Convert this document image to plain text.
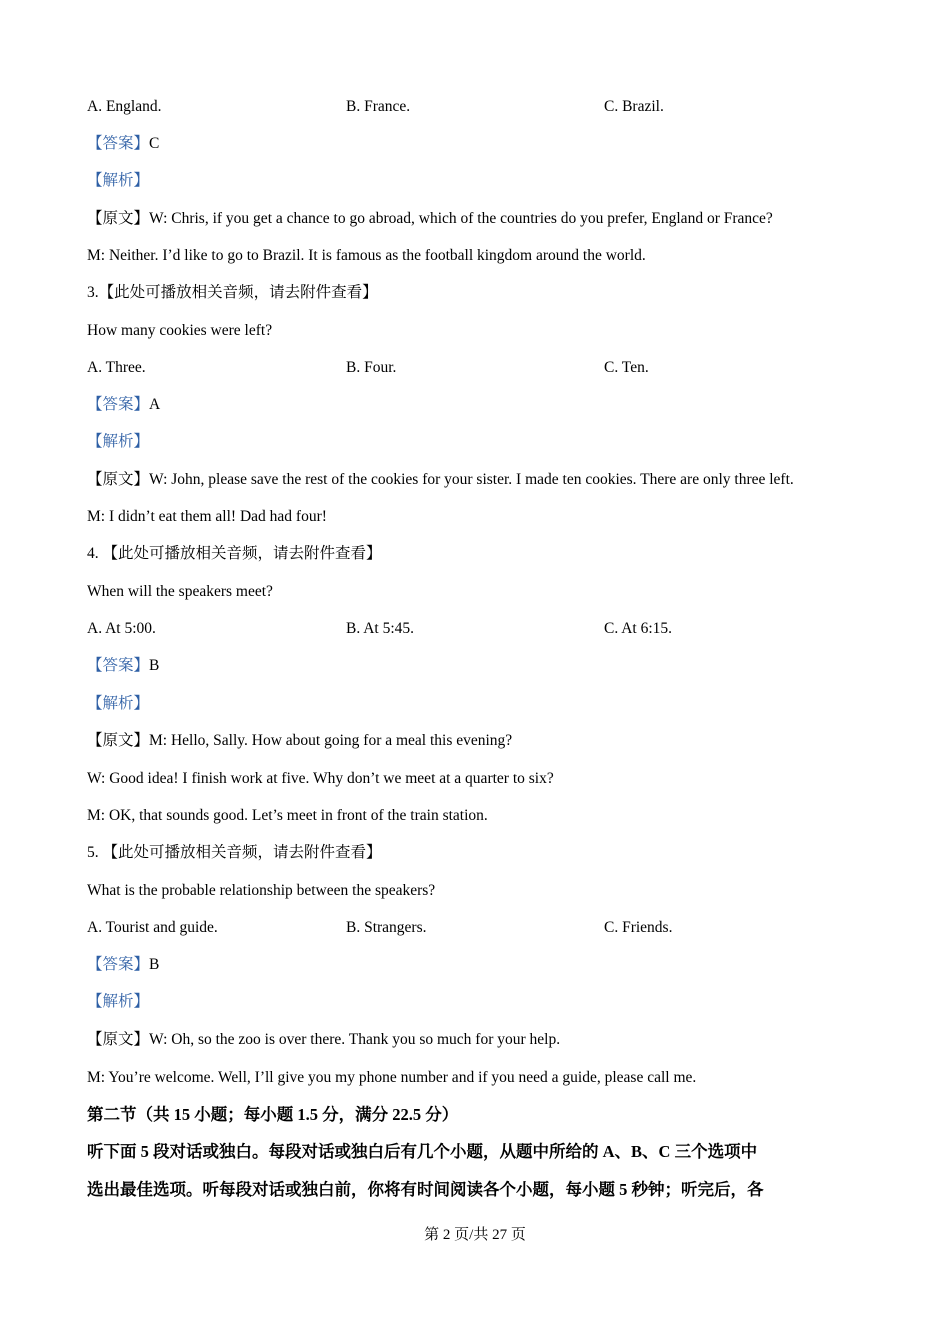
A. England.	B. France.	C. Brazil.
【答案】C
【解析】
【原文】W: Chris, if you get a chance to go abroad, which of the countries do you prefer, England or France?
M: Neither. I’d like to go to Brazil. It is famous as the football kingdom around the world.
3.【此处可播放相关音频，请去附件查看】
How many cookies were left?
A. Three.	B. Four.	C. Ten.
【答案】A
【解析】
【原文】W: John, please save the rest of the cookies for your sister. I made ten cookies. There are only three left.
M: I didn’t eat them all! Dad had four!
4. 【此处可播放相关音频，请去附件查看】
When will the speakers meet?
A. At 5:00.	B. At 5:45.	C. At 6:15.
【答案】B
【解析】
【原文】M: Hello, Sally. How about going for a meal this evening?
W: Good idea! I finish work at five. Why don’t we meet at a quarter to six?
M: OK, that sounds good. Let’s meet in front of the train station.
5. 【此处可播放相关音频，请去附件查看】
What is the probable relationship between the speakers?
A. Tourist and guide.	B. Strangers.	C. Friends.
【答案】B
【解析】
【原文】W: Oh, so the zoo is over there. Thank you so much for your help.
M: You’re welcome. Well, I’ll give you my phone number and if you need a guide, please call me.
第二节（共 15 小题；每小题 1.5 分，满分 22.5 分）
听下面 5 段对话或独白。每段对话或独白后有几个小题，从题中所给的 A、B、C 三个选项中
选出最佳选项。听每段对话或独白前，你将有时间阅读各个小题，每小题 5 秒钟；听完后，各
第 2 页/共 27 页
